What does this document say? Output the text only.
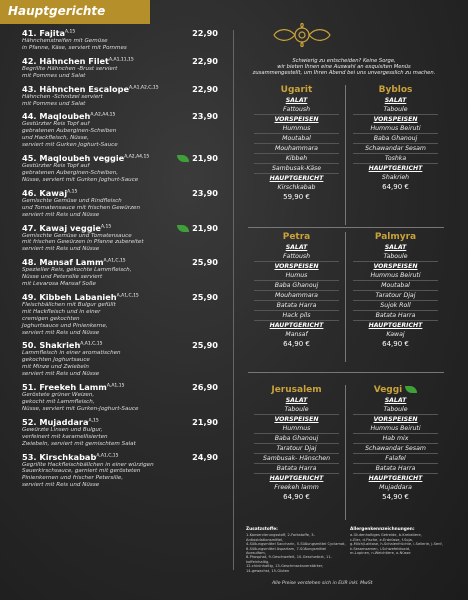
Hauptgerichte
41. Fajita$^{A,15}$	22,90
Hähnchenstreifen mit Gemüse
in Pfanne, Käse, serviert mit Pommes
42. Hähnchen Filet$^{A,A1,11,15}$	22,90
Begrillte Hähnchen -Brust serviert
mit Pommes und Salat
43. Hähnchen Escalope$^{A,A1,A2,C,15}$	22,90
Hähnchen -Schnitzel serviert
mit Pommes und Salat
44. Maqloubeh$^{A,A2,A4,15}$	23,90
Gestürzter Reis Topf auf
gebratenen Auberginen-Scheiben
und Hackfleisch, Nüsse,
serviert mit Gurken Joghurt-Sauce
45. Maqloubeh veggie$^{A,A2,A4,15}$	21,90
Gestürzter Reis Topf auf
gebratenen Auberginen-Scheiben,
Nüsse, serviert mit Gurken Joghurt-Sauce
46. Kawaj$^{A,15}$	23,90
Gemischte Gemüse und Rindfleisch
und Tomatensauce mit frischen Gewürzen
serviert mit Reis und Nüsse
47. Kawaj veggie$^{A,15}$	21,90
Gemischte Gemüse und Tomatensauce
mit frischen Gewürzen in Pfanne zubereitet
serviert mit Reis und Nüsse
48. Mansaf Lamm$^{A,A1,C,15}$	25,90
Spezieller Reis, gekochte Lammfleisch,
Nüsse und Petersilie serviert
mit Levarosa Mansaf Soße
49. Kibbeh Labanieh$^{A,A1,C,15}$	25,90
Fleischbällchen mit Bulgur gefüllt
mit Hackfleisch und in einer
cremigen gekochten
Joghurtsauce und Pinienkerne,
serviert mit Reis und Nüsse
50. Shakrieh$^{A,A1,C,15}$	25,90
Lammfleisch in einer aromatischen
gekochten Joghurtsauce
mit Minze und Zwiebeln
serviert mit Reis und Nüsse
51. Freekeh Lamm$^{A,A1,15}$	26,90
Geröstete grüner Weizen,
gekocht mit Lammfleisch,
Nüsse, serviert mit Gurken-Joghurt-Sauce
52. Mujaddara$^{A,15}$	21,90
Gewürzte Linsen und Bulgur,
verfeinert mit karamellisierten
Zwiebeln, serviert mit gemischtem Salat
53. Kirschkabab$^{A,A1,C,15}$	24,90
Gegrillte Hackfleischbällchen in einer würzigen
Sauerkirschsauce, garniert mit gerösteten
Pinienkernen und frischer Petersilie,
serviert mit Reis und Nüsse
Schwierig zu entscheiden? Keine Sorge,
wir bieten Ihnen eine Auswahl an exquisiten Menüs
zusammengestellt, um Ihren Abend bei uns unvergesslich zu machen.
Ugarit
SALAT
Fattoush
VORSPEISEN
Hummus
Moutabal
Mouhammara
Kibbeh
Sambusak-Käse
HAUPTGERICHT
Kirschkabab
59,90 €
Byblos
SALAT
Taboule
VORSPEISEN
Hummus Beiruti
Baba Ghanouj
Schawandar Sesam
Toshka
HAUPTGERICHT
Shakrieh
64,90 €
Petra
SALAT
Fattoush
VORSPEISEN
Humus
Baba Ghanouj
Mouhammara
Batata Harra
Hack pils
HAUPTGERICHT
Mansaf
64,90 €
Palmyra
SALAT
Taboule
VORSPEISEN
Hummus Beiruti
Moutabal
Taratour Djaj
Sujok Roll
Batata Harra
HAUPTGERICHT
Kawaj
64,90 €
Jerusalem
SALAT
Taboule
VORSPEISEN
Hummus
Baba Ghanouj
Taratour Djaj
Sambusak- Hänschen
Batata Harra
HAUPTGERICHT
Freekeh lamm
64,90 €
Veggi
SALAT
Taboule
VORSPEISEN
Hummus Beiruti
Hab mix
Schawandar Sesam
Falafel
Batata Harra
HAUPTGERICHT
Mujaddara
54,90 €
Zusatzstoffe:
1-Konservierungsstoff, 2-Farbstoffe, 3-Antioxidationsmittel,
4-Süßungsmittel Saccharin, 5-Süßungsmittel Cyclamat,
6-Süßungsmittel Aspartam, 7-Süßungsmittel Acesulfam,
8-Phosphat, 9-Geschwefelt, 10-Geschwärzt, 11-koffeinhaltig,
12-chininhaltig, 13-Geschmacksverstärker,
14-gewachst, 15-Gluten
Allergenkennzeichnungen:
a-Glutenhaltiges Getreide, b-Krebstiere,
c-Eier, d-Fische, e-Erdnüsse, f-Soja,
g-Milch/Laktose, h-Schalenfrüchte, i-Sellerie, j-Senf,
k-Sesamsamen, l-Schwefeldioxid,
m-Lupinen, n-Weichtiere, o-Nüsse
Alle Preise verstehen sich in EUR inkl. MwSt
